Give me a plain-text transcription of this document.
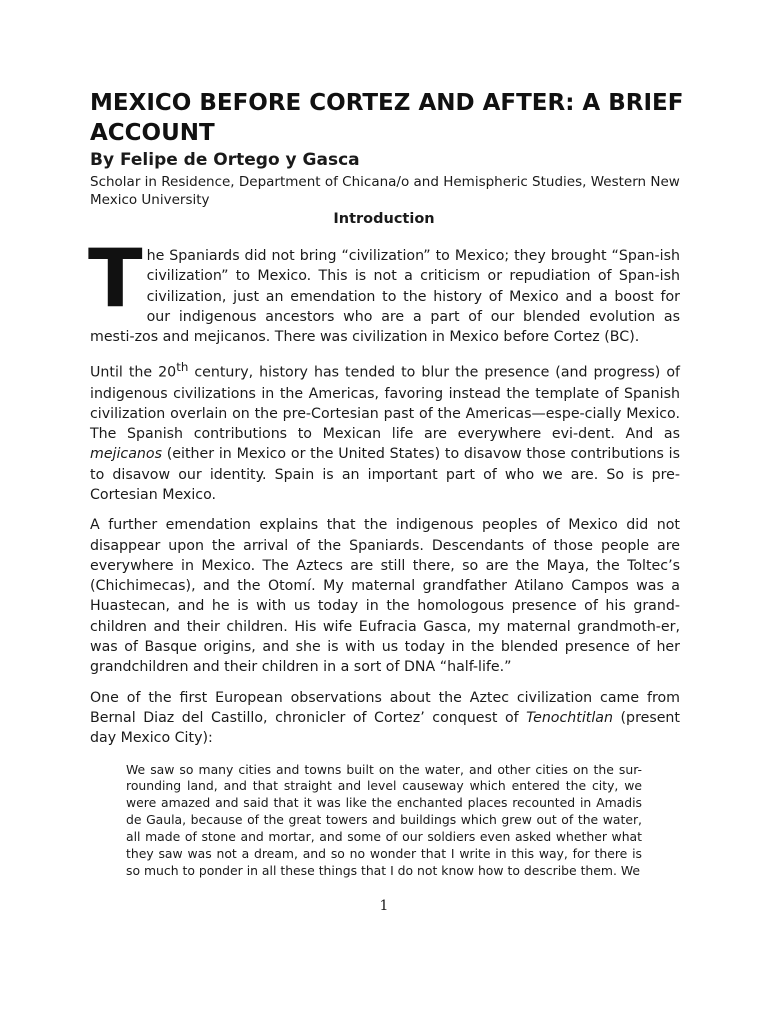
MEXICO BEFORE CORTEZ AND AFTER: A BRIEF ACCOUNT

By Felipe de Ortego y Gasca

Scholar in Residence, Department of Chicana/o and Hemispheric Studies, Western New Mexico University

Introduction

The Spaniards did not bring “civilization” to Mexico; they brought “Span-ish civilization” to Mexico. This is not a criticism or repudiation of Span-ish civilization, just an emendation to the history of Mexico and a boost for our indigenous ancestors who are a part of our blended evolution as mesti-zos and mejicanos. There was civilization in Mexico before Cortez (BC).

Until the 20th century, history has tended to blur the presence (and progress) of indigenous civilizations in the Americas, favoring instead the template of Spanish civilization overlain on the pre-Cortesian past of the Americas—espe-cially Mexico. The Spanish contributions to Mexican life are everywhere evi-dent. And as mejicanos (either in Mexico or the United States) to disavow those contributions is to disavow our identity. Spain is an important part of who we are. So is pre-Cortesian Mexico.

A further emendation explains that the indigenous peoples of Mexico did not disappear upon the arrival of the Spaniards. Descendants of those people are everywhere in Mexico. The Aztecs are still there, so are the Maya, the Toltec’s (Chichimecas), and the Otomí. My maternal grandfather Atilano Campos was a Huastecan, and he is with us today in the homologous presence of his grand-children and their children. His wife Eufracia Gasca, my maternal grandmoth-er, was of Basque origins, and she is with us today in the blended presence of her grandchildren and their children in a sort of DNA “half-life.”

One of the first European observations about the Aztec civilization came from Bernal Diaz del Castillo, chronicler of Cortez’ conquest of Tenochtitlan (present day Mexico City):

We saw so many cities and towns built on the water, and other cities on the sur-rounding land, and that straight and level causeway which entered the city, we were amazed and said that it was like the enchanted places recounted in Amadis de Gaula, because of the great towers and buildings which grew out of the water, all made of stone and mortar, and some of our soldiers even asked whether what they saw was not a dream, and so no wonder that I write in this way, for there is so much to ponder in all these things that I do not know how to describe them. We
1
